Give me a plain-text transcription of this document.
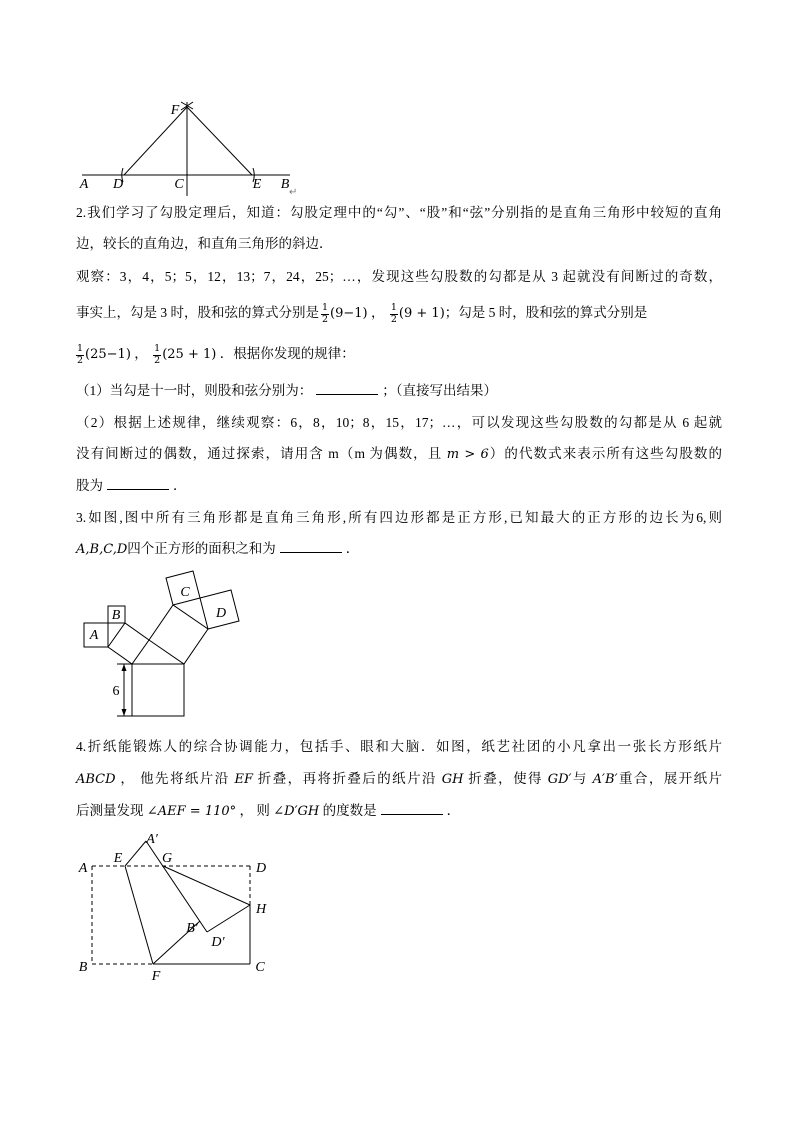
A D	C	E B
F
↵
2.我们学习了勾股定理后，知道：勾股定理中的“勾”、“股”和“弦”分别指的是直角三角形中较短的直角
边，较长的直角边，和直角三角形的斜边．
观察：3，4，5；5，12，13；7，24，25；…，发现这些勾股数的勾都是从 3 起就没有间断过的奇数，
事实上，勾是 3 时，股和弦的算式分别是 $\frac{1}{2} (9-1)$ ， $\frac{1}{2} (9 + 1)$；勾是 5 时，股和弦的算式分别是
$\frac{1}{2} (25-1)$ ， $\frac{1}{2} (25 + 1)$ ．根据你发现的规律：
（1）当勾是十一时，则股和弦分别为：	；（直接写出结果）
（2）根据上述规律，继续观察：6，8，10；8，15，17；…，可以发现这些勾股数的勾都是从 6 起就
没有间断过的偶数，通过探索，请用含 m（m 为偶数，且 m > 6）的代数式来表示所有这些勾股数的
股为	．
3.如图,图中所有三角形都是直角三角形,所有四边形都是正方形,已知最大的正方形的边长为6,则
A,B,C,D四个正方形的面积之和为	．
A
B
C
D
6
4.折纸能锻炼人的综合协调能力，包括手、眼和大脑．如图，纸艺社团的小凡拿出一张长方形纸片
ABCD ， 他先将纸片沿 EF 折叠，再将折叠后的纸片沿 GH 折叠，使得 GD′与 A′B′重合，展开纸片
后测量发现 ∠AEF = 110° ， 则 ∠D′GH 的度数是	．
A
E
A′
G
D
H
B′
D′
B
F
C
